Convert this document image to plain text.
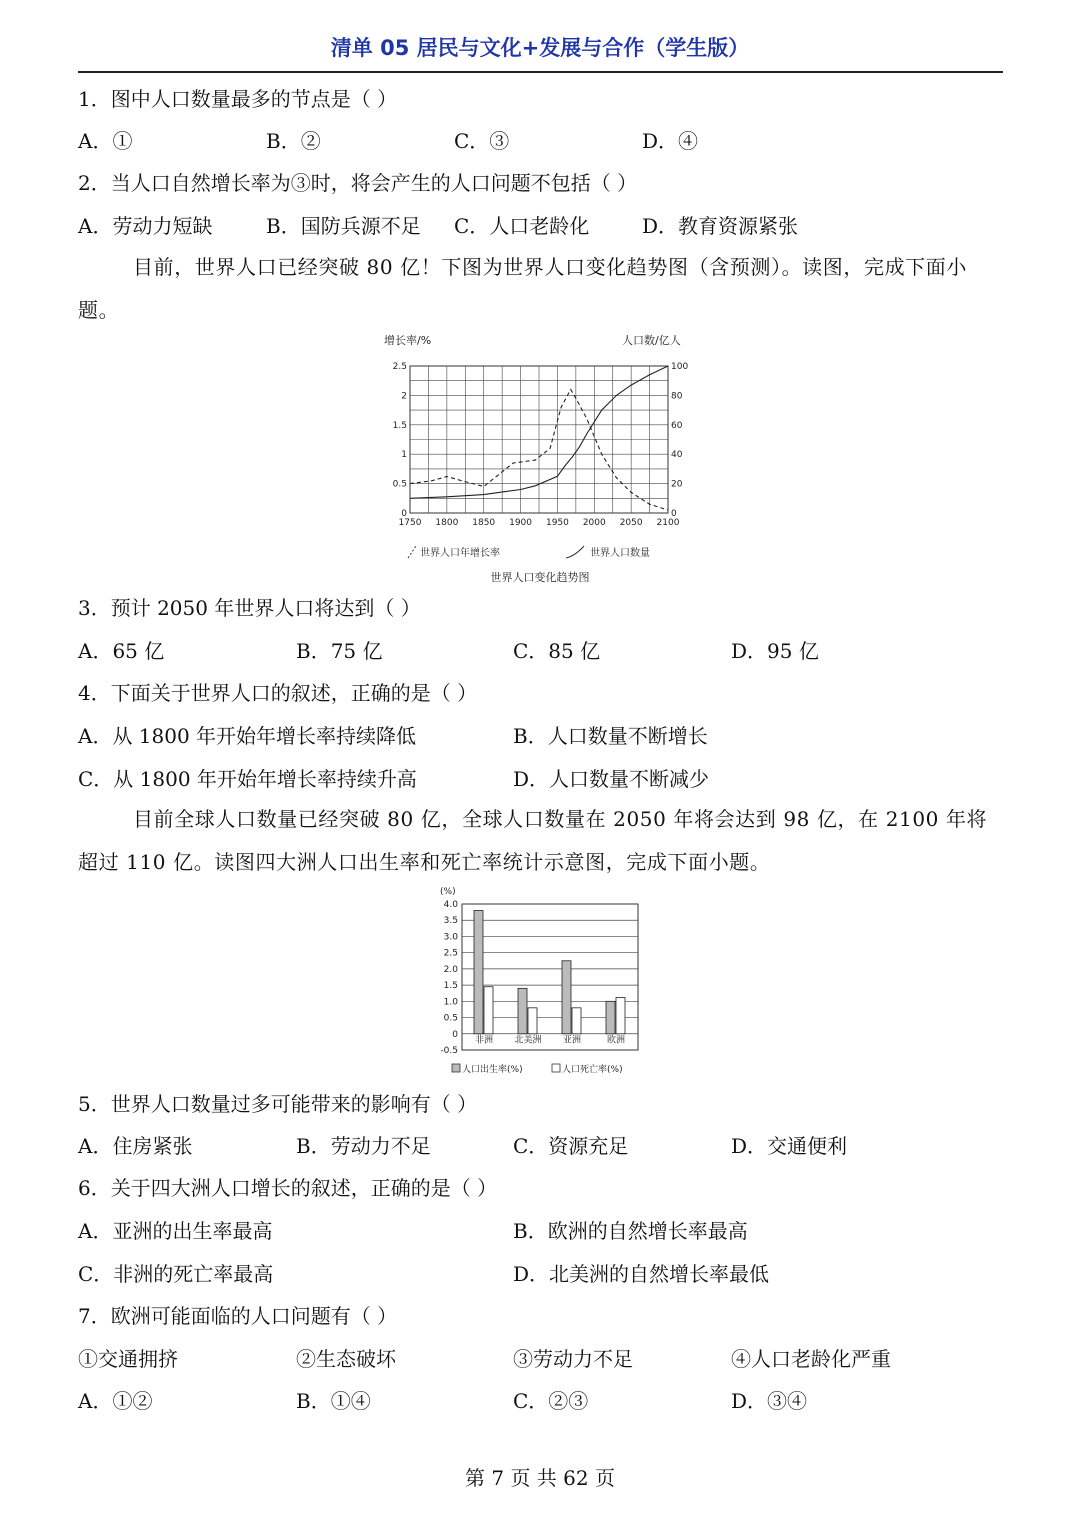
清单 05 居民与文化+发展与合作（学生版）
1．图中人口数量最多的节点是（ ）
A．①	B．②	C．③	D．④
2．当人口自然增长率为③时，将会产生的人口问题不包括（ ）
A．劳动力短缺	B．国防兵源不足 C．人口老龄化	D．教育资源紧张
目前，世界人口已经突破 80 亿！下图为世界人口变化趋势图（含预测）。读图，完成下面小题。
增长率/%	人口数/亿人
1750 1800 1850 1900 1950 2000 2050 2100
0
0.5
1
1.5
2
2.5
0
20
40
60
80
100
世界人口年增长率	世界人口数量
世界人口变化趋势图
3．预计 2050 年世界人口将达到（ ）
A．65 亿	B．75 亿	C．85 亿	D．95 亿
4．下面关于世界人口的叙述，正确的是（ ）
A．从 1800 年开始年增长率持续降低	B．人口数量不断增长
C．从 1800 年开始年增长率持续升高	D．人口数量不断减少
目前全球人口数量已经突破 80 亿，全球人口数量在 2050 年将会达到 98 亿，在 2100 年将超过 110 亿。读图四大洲人口出生率和死亡率统计示意图，完成下面小题。
(%)
4.0
3.5
3.0
2.5
2.0
1.5
1.0
0.5
0
-0.5
非洲 北美洲 亚洲	欧洲
人口出生率(%)	人口死亡率(%)
5．世界人口数量过多可能带来的影响有（ ）
A．住房紧张	B．劳动力不足	C．资源充足	D．交通便利
6．关于四大洲人口增长的叙述，正确的是（ ）
A．亚洲的出生率最高	B．欧洲的自然增长率最高
C．非洲的死亡率最高	D．北美洲的自然增长率最低
7．欧洲可能面临的人口问题有（ ）
①交通拥挤	②生态破坏	③劳动力不足	④人口老龄化严重
A．①②	B．①④	C．②③	D．③④
第 7 页 共 62 页
